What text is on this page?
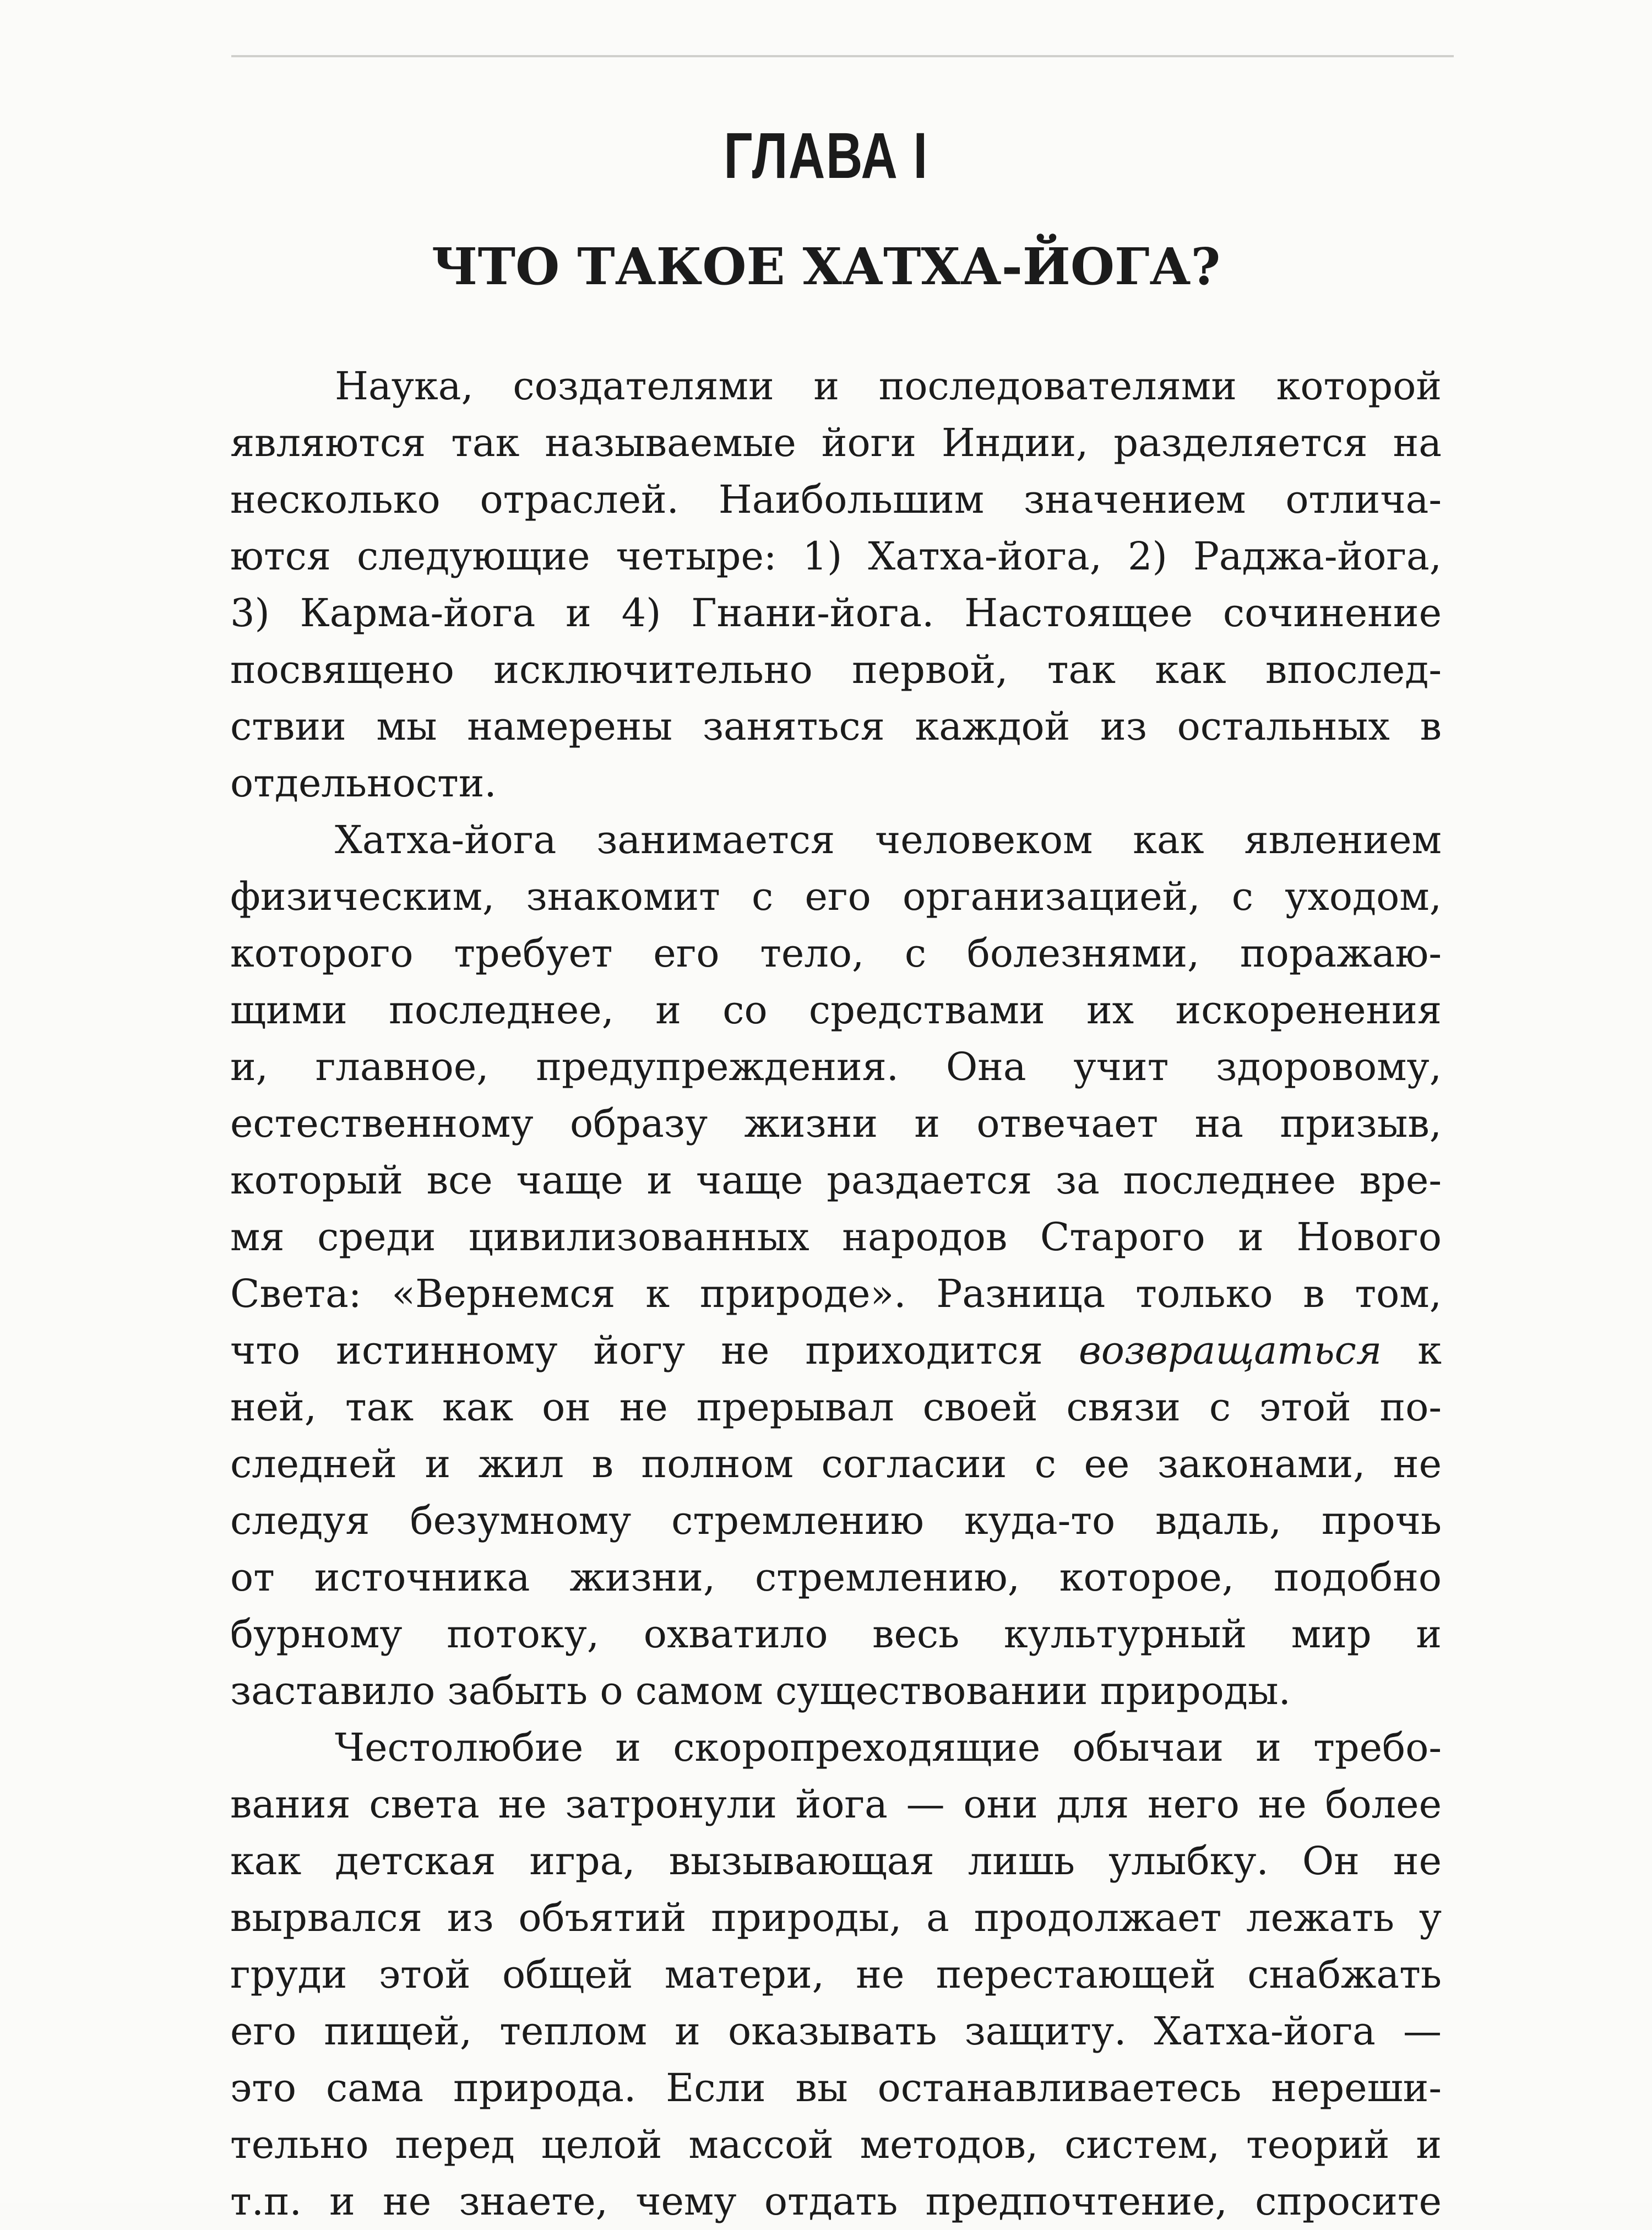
ГЛАВА I
ЧТО ТАКОЕ ХАТХА-ЙОГА?
Наука, создателями и последователями которой
являются так называемые йоги Индии, разделяется на
несколько отраслей. Наибольшим значением отлича-
ются следующие четыре: 1) Хатха-йога, 2) Раджа-йога,
3) Карма-йога и 4) Гнани-йога. Настоящее сочинение
посвящено исключительно первой, так как впослед-
ствии мы намерены заняться каждой из остальных в
отдельности.
Хатха-йога занимается человеком как явлением
физическим, знакомит с его организацией, с уходом,
которого требует его тело, с болезнями, поражаю-
щими последнее, и со средствами их искоренения
и, главное, предупреждения. Она учит здоровому,
естественному образу жизни и отвечает на призыв,
который все чаще и чаще раздается за последнее вре-
мя среди цивилизованных народов Старого и Нового
Света: «Вернемся к природе». Разница только в том,
что истинному йогу не приходится возвращаться к
ней, так как он не прерывал своей связи с этой по-
следней и жил в полном согласии с ее законами, не
следуя безумному стремлению куда-то вдаль, прочь
от источника жизни, стремлению, которое, подобно
бурному потоку, охватило весь культурный мир и
заставило забыть о самом существовании природы.
Честолюбие и скоропреходящие обычаи и требо-
вания света не затронули йога — они для него не более
как детская игра, вызывающая лишь улыбку. Он не
вырвался из объятий природы, а продолжает лежать у
груди этой общей матери, не перестающей снабжать
его пищей, теплом и оказывать защиту. Хатха-йога —
это сама природа. Если вы останавливаетесь нереши-
тельно перед целой массой методов, систем, теорий и
т.п. и не знаете, чему отдать предпочтение, спросите
